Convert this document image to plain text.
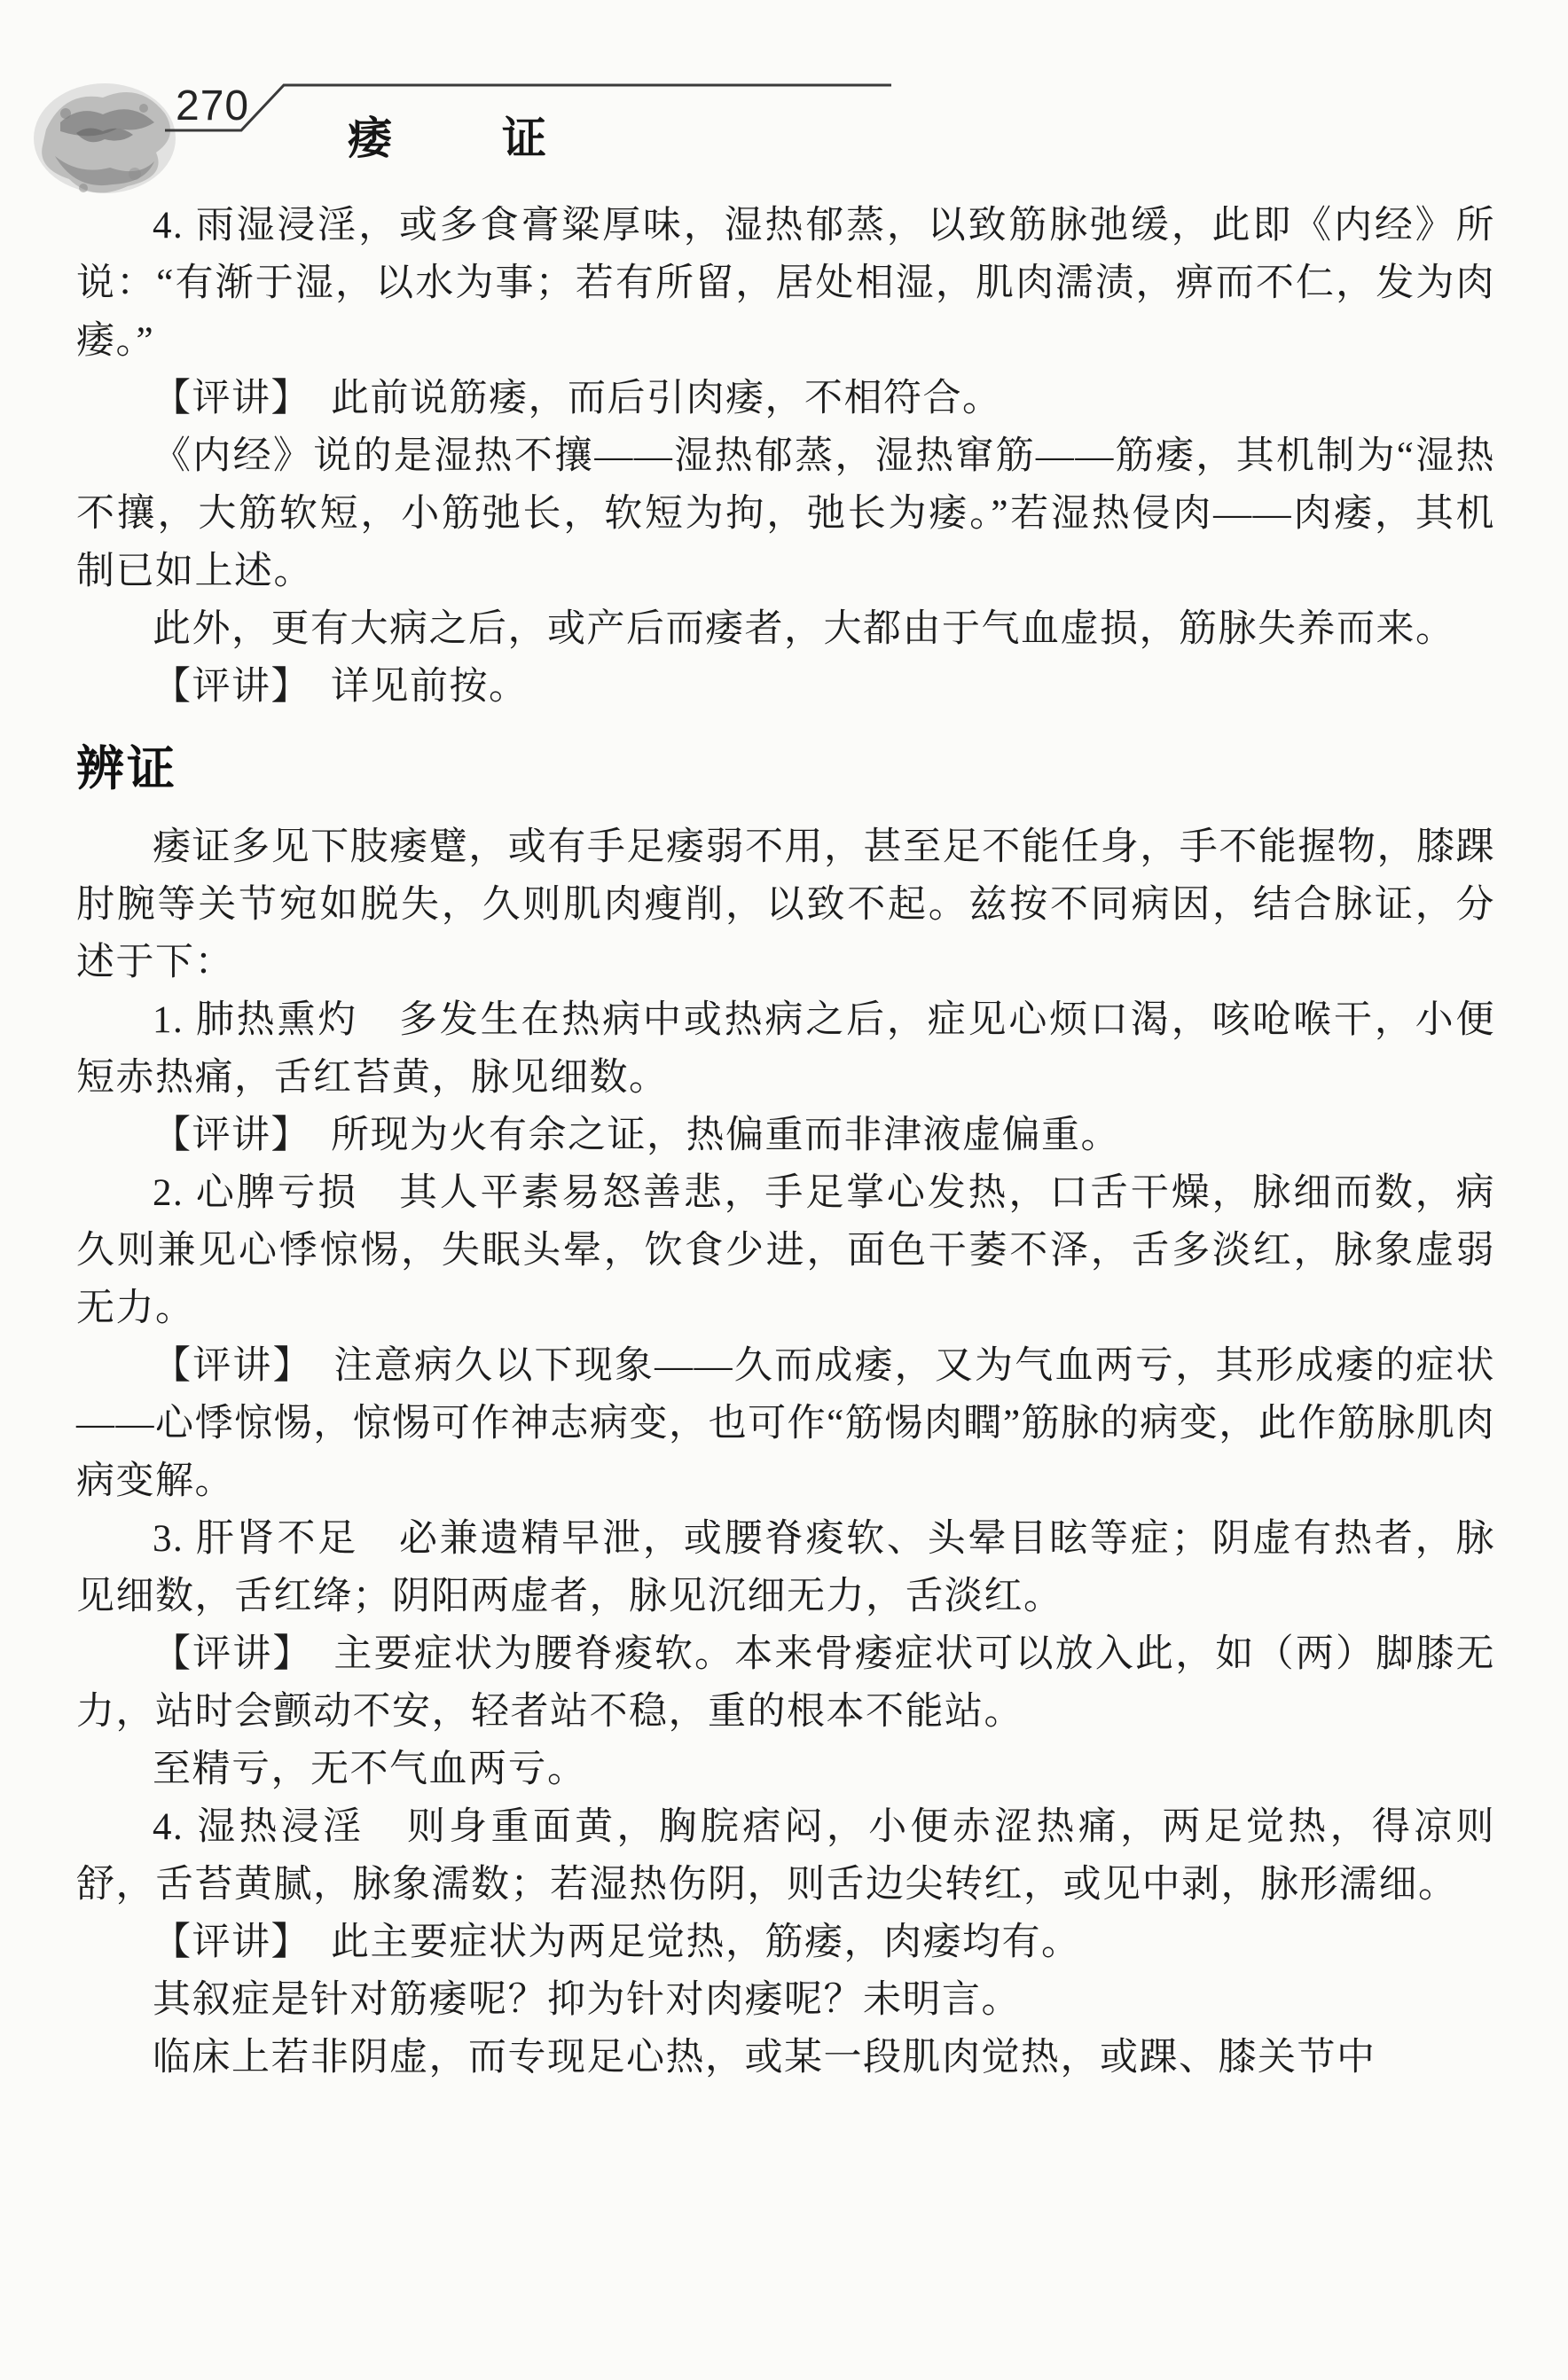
270
痿　　证

4. 雨湿浸淫，或多食膏粱厚味，湿热郁蒸，以致筋脉弛缓，此即《内经》所说：“有渐于湿，以水为事；若有所留，居处相湿，肌肉濡渍，痹而不仁，发为肉痿。”

【评讲】　此前说筋痿，而后引肉痿，不相符合。

《内经》说的是湿热不攘——湿热郁蒸，湿热窜筋——筋痿，其机制为“湿热不攘，大筋软短，小筋弛长，软短为拘，弛长为痿。”若湿热侵肉——肉痿，其机制已如上述。

此外，更有大病之后，或产后而痿者，大都由于气血虚损，筋脉失养而来。

【评讲】　详见前按。

辨证

痿证多见下肢痿躄，或有手足痿弱不用，甚至足不能任身，手不能握物，膝踝肘腕等关节宛如脱失，久则肌肉瘦削，以致不起。兹按不同病因，结合脉证，分述于下：

1. 肺热熏灼　多发生在热病中或热病之后，症见心烦口渴，咳呛喉干，小便短赤热痛，舌红苔黄，脉见细数。

【评讲】　所现为火有余之证，热偏重而非津液虚偏重。

2. 心脾亏损　其人平素易怒善悲，手足掌心发热，口舌干燥，脉细而数，病久则兼见心悸惊惕，失眠头晕，饮食少进，面色干萎不泽，舌多淡红，脉象虚弱无力。

【评讲】　注意病久以下现象——久而成痿，又为气血两亏，其形成痿的症状——心悸惊惕，惊惕可作神志病变，也可作“筋惕肉瞤”筋脉的病变，此作筋脉肌肉病变解。

3. 肝肾不足　必兼遗精早泄，或腰脊痠软、头晕目眩等症；阴虚有热者，脉见细数，舌红绛；阴阳两虚者，脉见沉细无力，舌淡红。

【评讲】　主要症状为腰脊痠软。本来骨痿症状可以放入此，如（两）脚膝无力，站时会颤动不安，轻者站不稳，重的根本不能站。

至精亏，无不气血两亏。

4. 湿热浸淫　则身重面黄，胸脘痞闷，小便赤涩热痛，两足觉热，得凉则舒，舌苔黄腻，脉象濡数；若湿热伤阴，则舌边尖转红，或见中剥，脉形濡细。

【评讲】　此主要症状为两足觉热，筋痿，肉痿均有。

其叙症是针对筋痿呢？抑为针对肉痿呢？未明言。

临床上若非阴虚，而专现足心热，或某一段肌肉觉热，或踝、膝关节中
